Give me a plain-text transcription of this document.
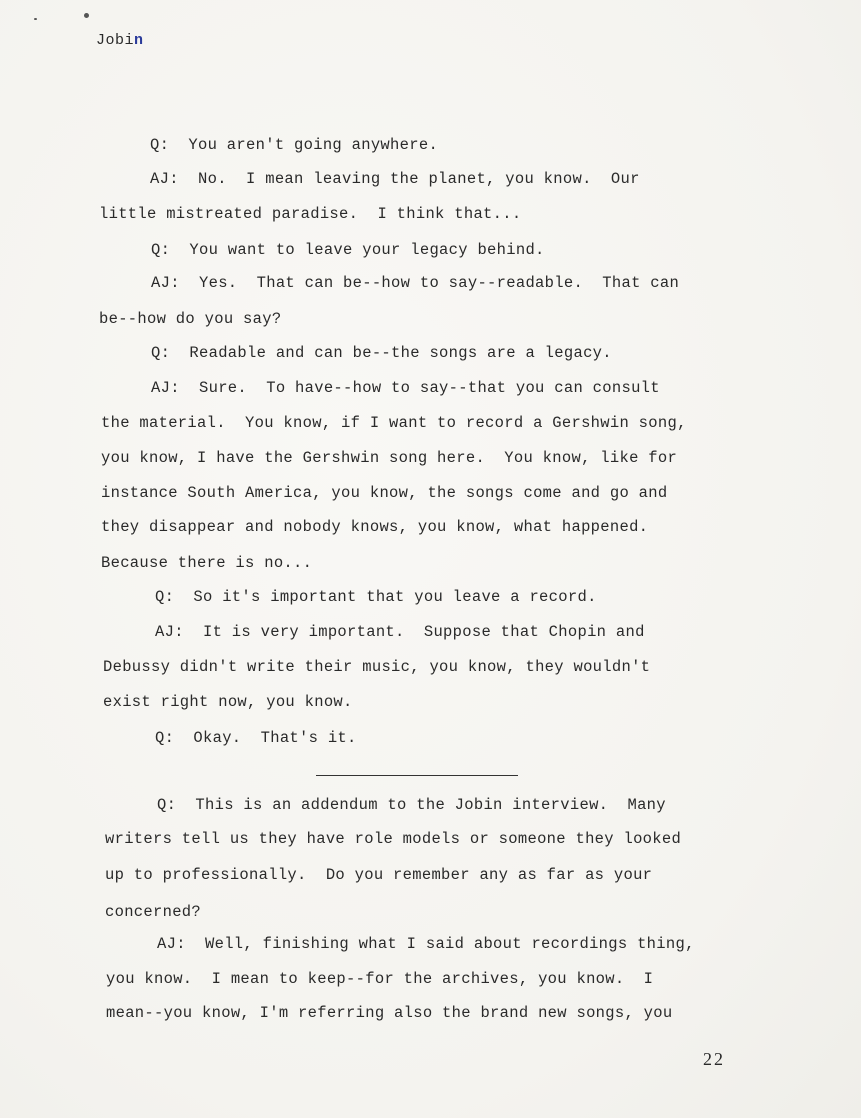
Jobin
Q:  You aren't going anywhere.
AJ:  No.  I mean leaving the planet, you know.  Our
little mistreated paradise.  I think that...
Q:  You want to leave your legacy behind.
AJ:  Yes.  That can be--how to say--readable.  That can
be--how do you say?
Q:  Readable and can be--the songs are a legacy.
AJ:  Sure.  To have--how to say--that you can consult
the material.  You know, if I want to record a Gershwin song,
you know, I have the Gershwin song here.  You know, like for
instance South America, you know, the songs come and go and
they disappear and nobody knows, you know, what happened.
Because there is no...
Q:  So it's important that you leave a record.
AJ:  It is very important.  Suppose that Chopin and
Debussy didn't write their music, you know, they wouldn't
exist right now, you know.
Q:  Okay.  That's it.
Q:  This is an addendum to the Jobin interview.  Many
writers tell us they have role models or someone they looked
up to professionally.  Do you remember any as far as your
concerned?
AJ:  Well, finishing what I said about recordings thing,
you know.  I mean to keep--for the archives, you know.  I
mean--you know, I'm referring also the brand new songs, you
22
